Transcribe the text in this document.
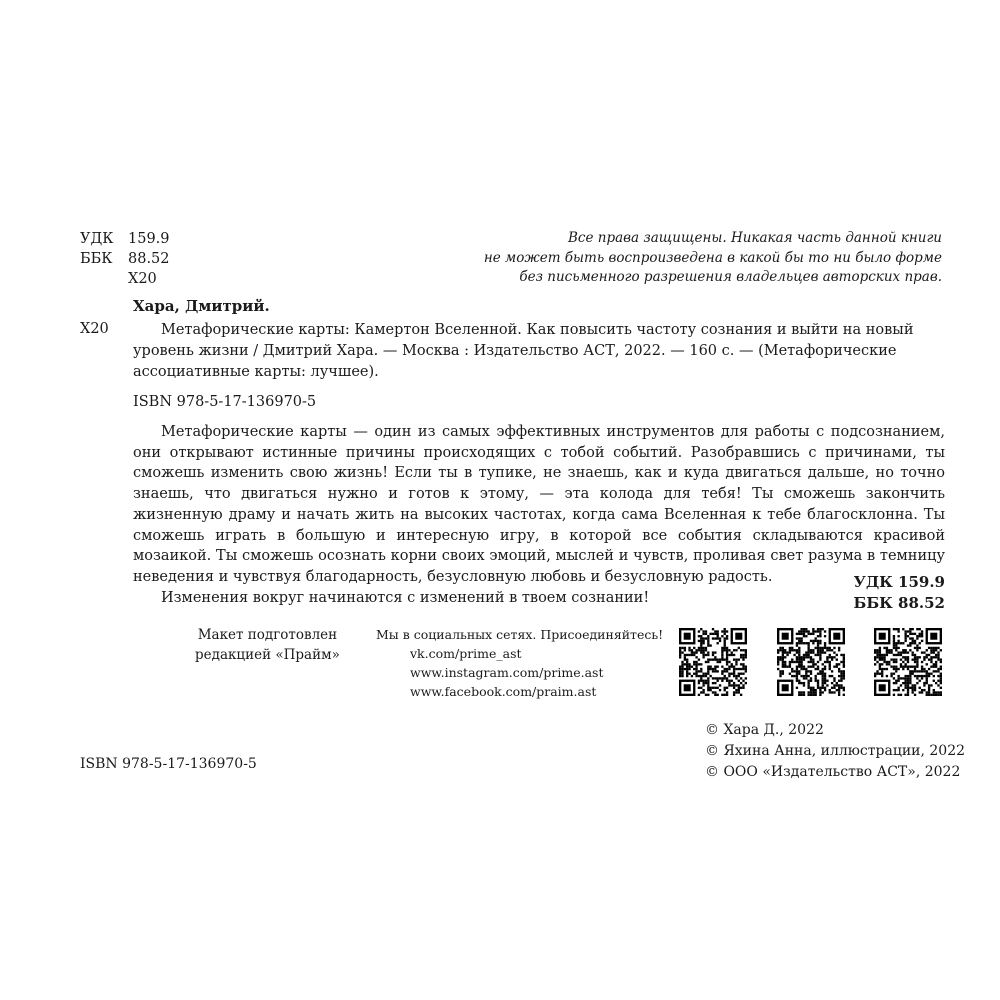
УДК	159.9
ББК	88.52
Х20
Все права защищены. Никакая часть данной книги
не может быть воспроизведена в какой бы то ни было форме
без письменного разрешения владельцев авторских прав.
Хара, Дмитрий.
Х20	Метафорические карты: Камертон Вселенной. Как повысить частоту сознания и выйти на новый уровень жизни / Дмитрий Хара. — Москва : Издательство АСТ, 2022. — 160 с. — (Метафорические ассоциативные карты: лучшее).
ISBN 978-5-17-136970-5

Метафорические карты — один из самых эффективных инструментов для работы с подсознанием, они открывают истинные причины происходящих с тобой событий. Разобравшись с причинами, ты сможешь изменить свою жизнь! Если ты в тупике, не знаешь, как и куда двигаться дальше, но точно знаешь, что двигаться нужно и готов к этому, — эта колода для тебя! Ты сможешь закончить жизненную драму и начать жить на высоких частотах, когда сама Вселенная к тебе благосклонна. Ты сможешь играть в большую и интересную игру, в которой все события складываются красивой мозаикой. Ты сможешь осознать корни своих эмоций, мыслей и чувств, проливая свет разума в темницу неведения и чувствуя благодарность, безусловную любовь и безусловную радость.

Изменения вокруг начинаются с изменений в твоем сознании!

УДК 159.9
ББК 88.52
Макет подготовлен
редакцией «Прайм»
Мы в социальных сетях. Присоединяйтесь!
vk.com/prime_ast
www.instagram.com/prime.ast
www.facebook.com/praim.ast
© Хара Д., 2022
© Яхина Анна, иллюстрации, 2022
© ООО «Издательство АСТ», 2022
ISBN 978-5-17-136970-5
